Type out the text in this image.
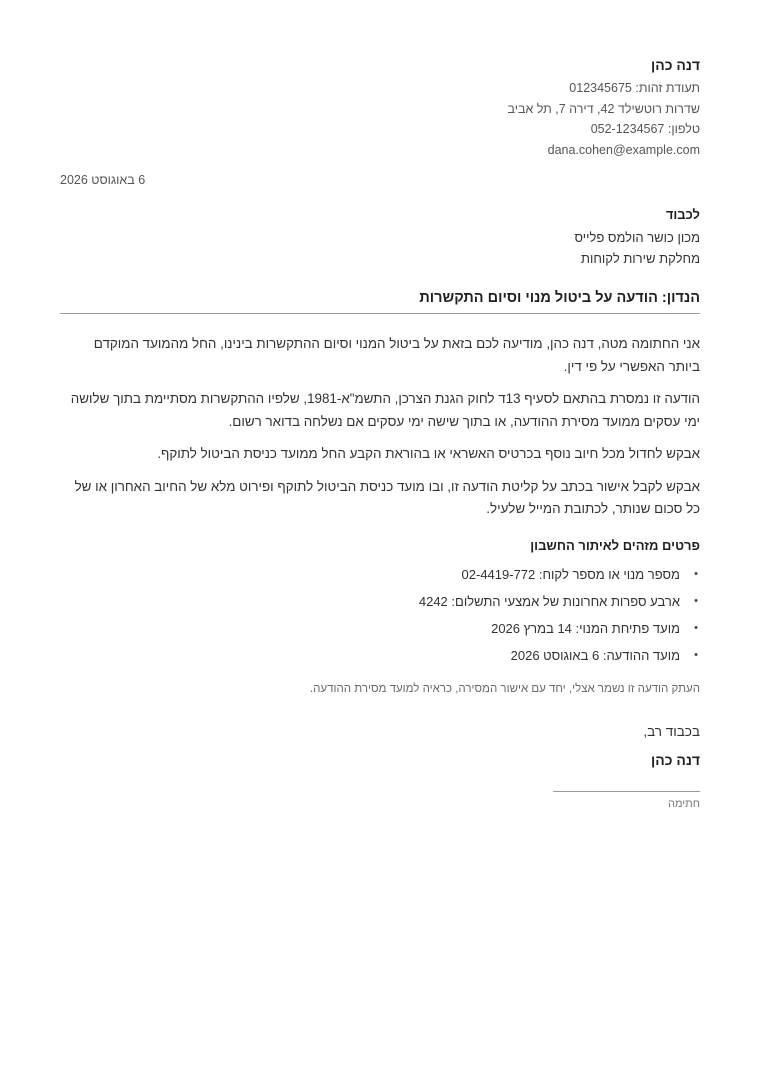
דנה כהן
תעודת זהות: 012345675
שדרות רוטשילד 42, דירה 7, תל אביב
טלפון: 052-1234567
dana.cohen@example.com
6 באוגוסט 2026
לכבוד
מכון כושר הולמס פלייס
מחלקת שירות לקוחות
הנדון: הודעה על ביטול מנוי וסיום התקשרות

אני החתומה מטה, דנה כהן, מודיעה לכם בזאת על ביטול המנוי וסיום ההתקשרות בינינו, החל מהמועד המוקדם ביותר האפשרי על פי דין.

הודעה זו נמסרת בהתאם לסעיף 13ד לחוק הגנת הצרכן, התשמ"א-1981, שלפיו ההתקשרות מסתיימת בתוך שלושה ימי עסקים ממועד מסירת ההודעה, או בתוך שישה ימי עסקים אם נשלחה בדואר רשום.

אבקש לחדול מכל חיוב נוסף בכרטיס האשראי או בהוראת הקבע החל ממועד כניסת הביטול לתוקף.

אבקש לקבל אישור בכתב על קליטת הודעה זו, ובו מועד כניסת הביטול לתוקף ופירוט מלא של החיוב האחרון או של כל סכום שנותר, לכתובת המייל שלעיל.

פרטים מזהים לאיתור החשבון
•
מספר מנוי או מספר לקוח: 02-4419-772
•
ארבע ספרות אחרונות של אמצעי התשלום: 4242
•
מועד פתיחת המנוי: 14 במרץ 2026
•
מועד ההודעה: 6 באוגוסט 2026
העתק הודעה זו נשמר אצלי, יחד עם אישור המסירה, כראיה למועד מסירת ההודעה.
בכבוד רב,
דנה כהן
חתימה
